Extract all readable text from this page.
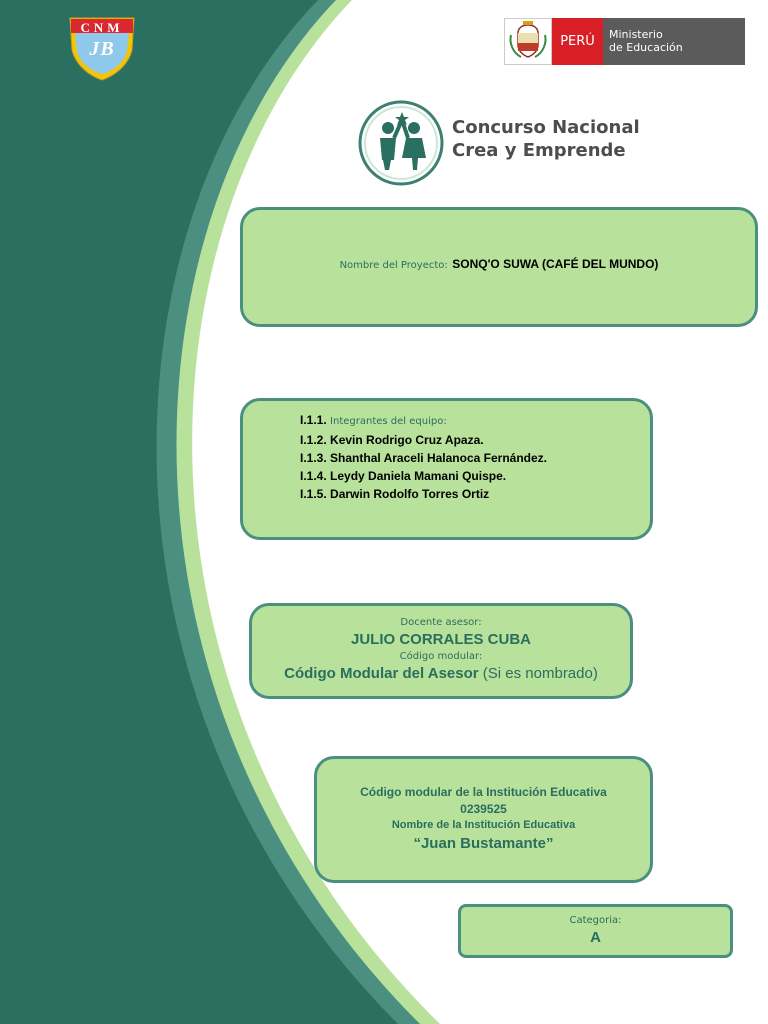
CNM
JB	PERÚ	Ministerio
de Educación
Concurso Nacional
Crea y Emprende
Nombre del Proyecto: SONQ'O SUWA (CAFÉ DEL MUNDO)
I.1.1. Integrantes del equipo:
I.1.2. Kevin Rodrigo Cruz Apaza.
I.1.3. Shanthal Araceli Halanoca Fernández.
I.1.4. Leydy Daniela Mamani Quispe.
I.1.5. Darwin Rodolfo Torres Ortiz
Docente asesor:
JULIO CORRALES CUBA
Código modular:
Código Modular del Asesor (Si es nombrado)
Código modular de la Institución Educativa
0239525
Nombre de la Institución Educativa
“Juan Bustamante”
Categoria:
A
